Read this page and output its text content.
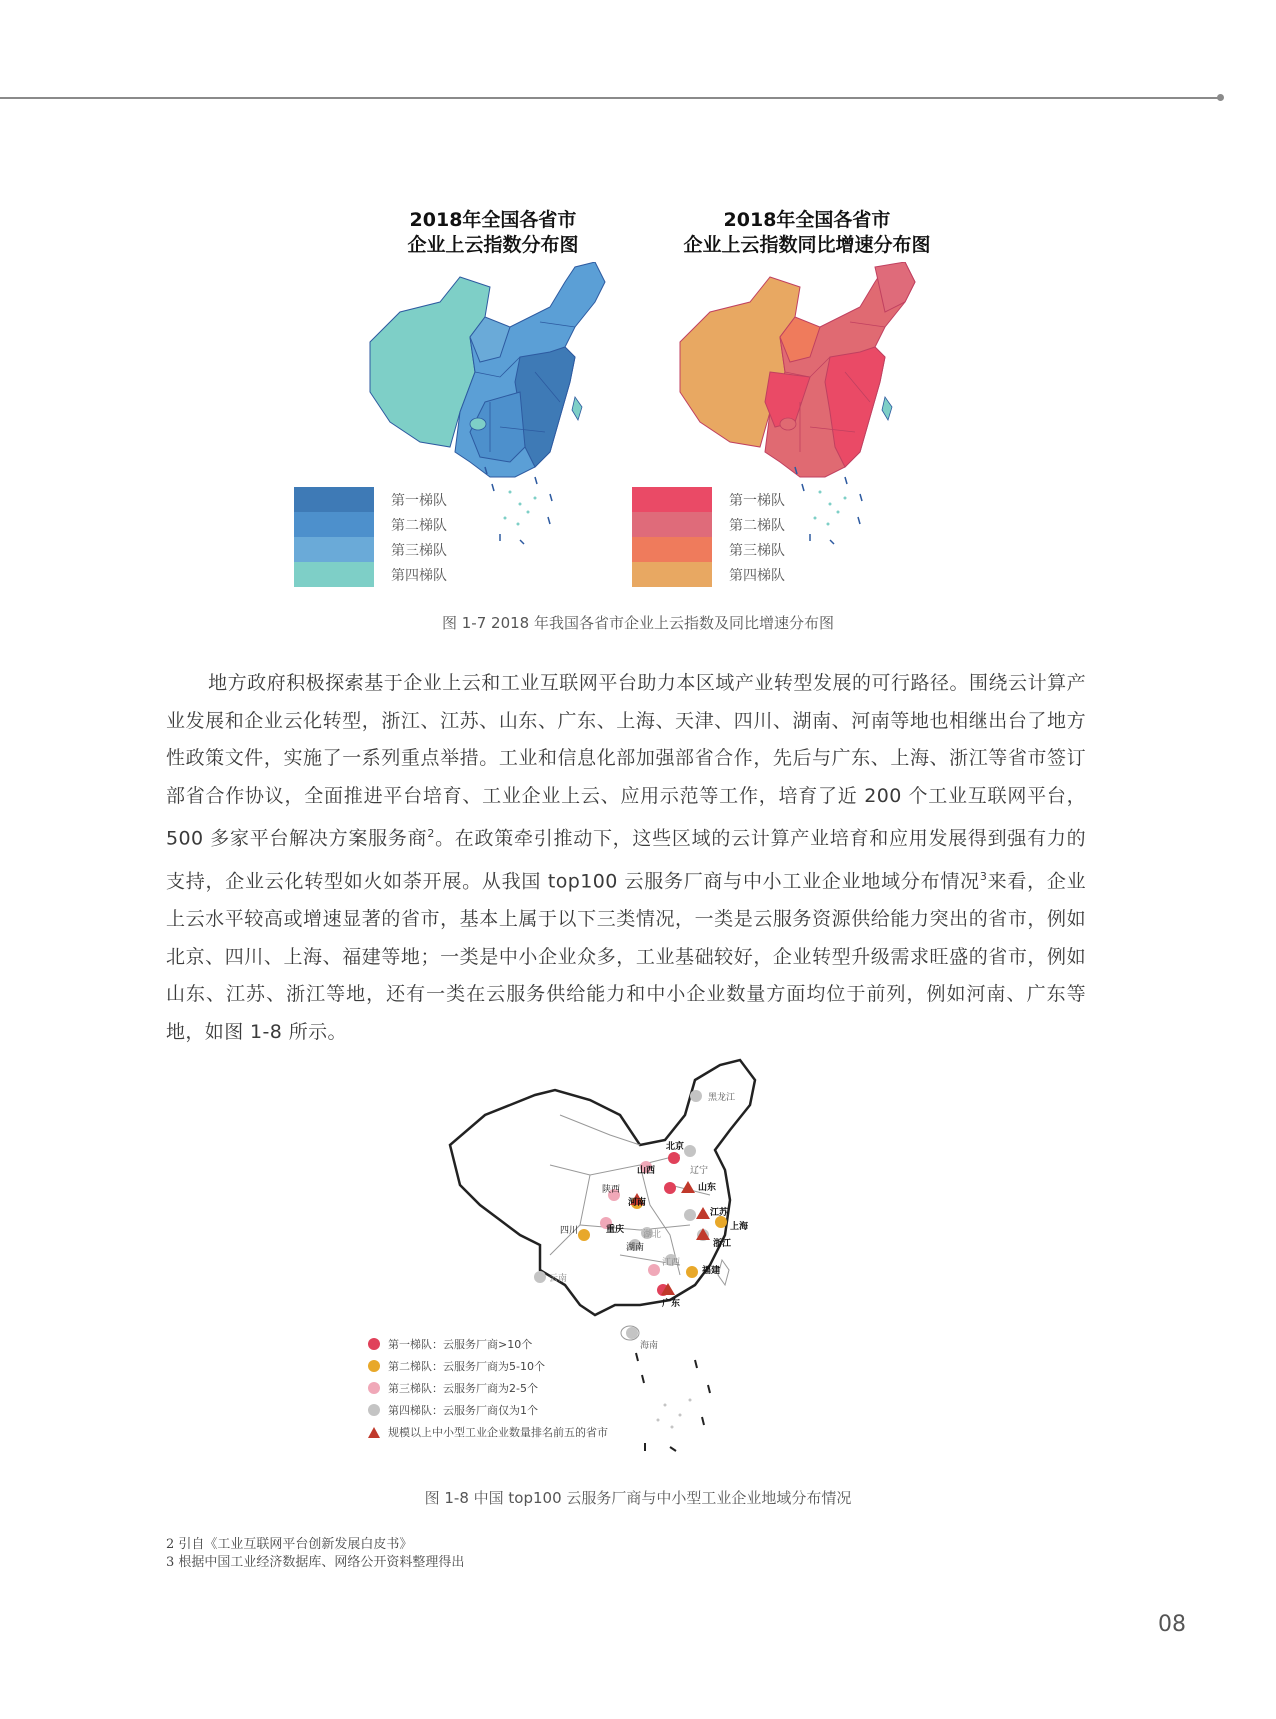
2018年全国各省市
企业上云指数分布图
2018年全国各省市
企业上云指数同比增速分布图
第一梯队
第二梯队
第三梯队
第四梯队
第一梯队
第二梯队
第三梯队
第四梯队
图 1-7 2018 年我国各省市企业上云指数及同比增速分布图
地方政府积极探索基于企业上云和工业互联网平台助力本区域产业转型发展的可行路径。围绕云计算产业发展和企业云化转型，浙江、江苏、山东、广东、上海、天津、四川、湖南、河南等地也相继出台了地方性政策文件，实施了一系列重点举措。工业和信息化部加强部省合作，先后与广东、上海、浙江等省市签订部省合作协议，全面推进平台培育、工业企业上云、应用示范等工作，培育了近 200 个工业互联网平台，500 多家平台解决方案服务商$^2$。在政策牵引推动下，这些区域的云计算产业培育和应用发展得到强有力的支持，企业云化转型如火如荼开展。从我国 top100 云服务厂商与中小工业企业地域分布情况$^3$来看，企业上云水平较高或增速显著的省市，基本上属于以下三类情况，一类是云服务资源供给能力突出的省市，例如北京、四川、上海、福建等地；一类是中小企业众多，工业基础较好，企业转型升级需求旺盛的省市，例如山东、江苏、浙江等地，还有一类在云服务供给能力和中小企业数量方面均位于前列，例如河南、广东等地，如图 1-8 所示。
黑龙江
北京
山西	辽宁
陕西	山东
河南
江苏
上海
四川	重庆 湖北
湖南	浙江
江西
福建
云南
广东
海南
第一梯队：云服务厂商>10个
第二梯队：云服务厂商为5-10个
第三梯队：云服务厂商为2-5个
第四梯队：云服务厂商仅为1个
规模以上中小型工业企业数量排名前五的省市
图 1-8 中国 top100 云服务厂商与中小型工业企业地域分布情况
2 引自《工业互联网平台创新发展白皮书》
3 根据中国工业经济数据库、网络公开资料整理得出
08
